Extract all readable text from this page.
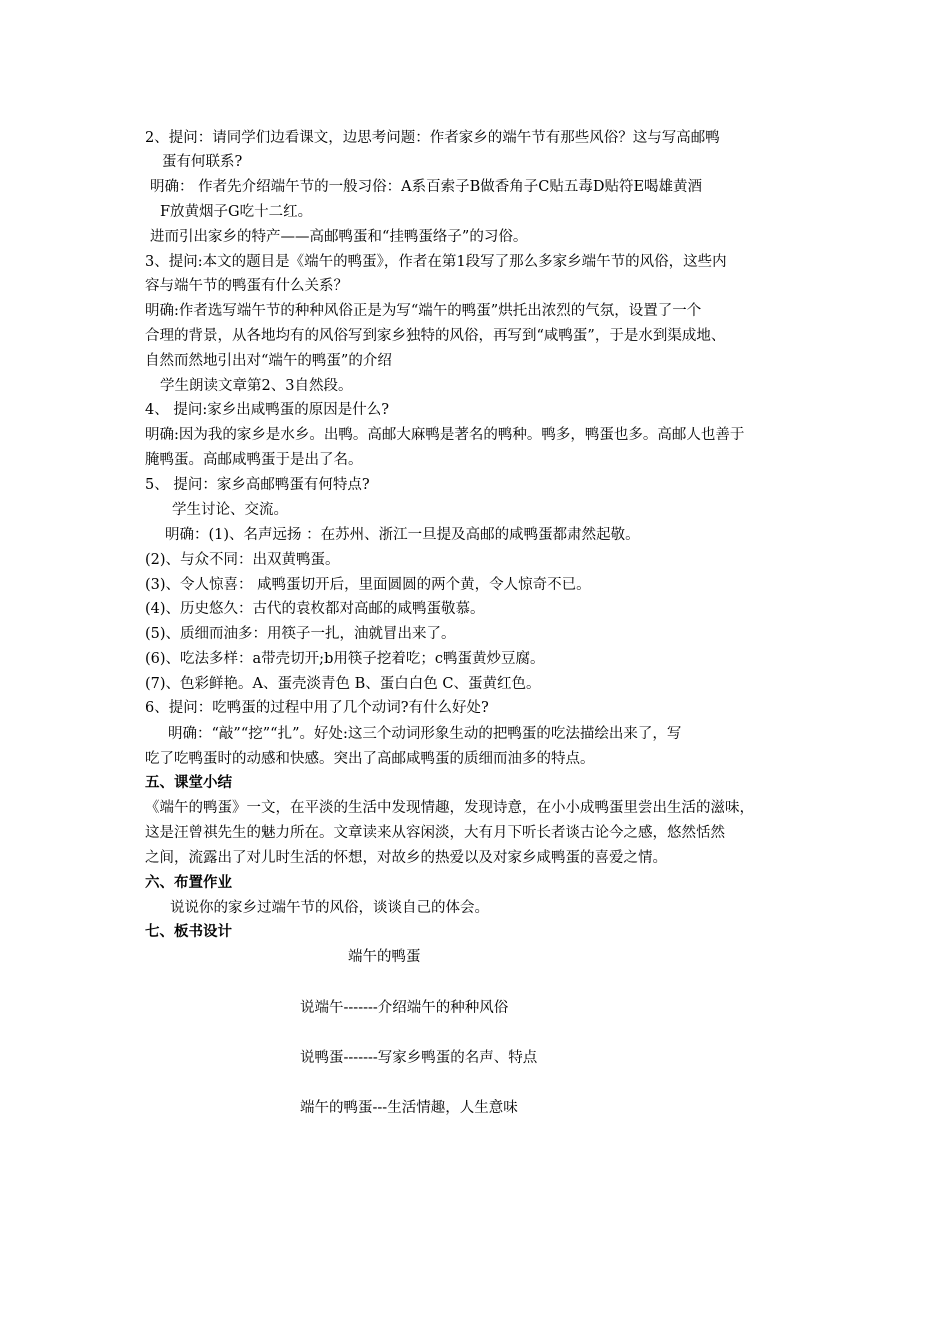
2、提问：请同学们边看课文，边思考问题：作者家乡的端午节有那些风俗？这与写高邮鸭
蛋有何联系?
明确： 作者先介绍端午节的一般习俗：A系百索子B做香角子C贴五毒D贴符E喝雄黄酒
F放黄烟子G吃十二红。
进而引出家乡的特产——高邮鸭蛋和“挂鸭蛋络子”的习俗。
3、提问:本文的题目是《端午的鸭蛋》，作者在第1段写了那么多家乡端午节的风俗，这些内
容与端午节的鸭蛋有什么关系？
明确:作者选写端午节的种种风俗正是为写“端午的鸭蛋”烘托出浓烈的气氛，设置了一个
合理的背景，从各地均有的风俗写到家乡独特的风俗，再写到“咸鸭蛋”，于是水到渠成地、
自然而然地引出对“端午的鸭蛋”的介绍
学生朗读文章第2、3自然段。
4、 提问:家乡出咸鸭蛋的原因是什么?
明确:因为我的家乡是水乡。出鸭。高邮大麻鸭是著名的鸭种。鸭多，鸭蛋也多。高邮人也善于
腌鸭蛋。高邮咸鸭蛋于是出了名。
5、 提问：家乡高邮鸭蛋有何特点?
学生讨论、交流。
明确：(1)、名声远扬 ：在苏州、浙江一旦提及高邮的咸鸭蛋都肃然起敬。
(2)、与众不同：出双黄鸭蛋。
(3)、令人惊喜： 咸鸭蛋切开后，里面圆圆的两个黄，令人惊奇不已。
(4)、历史悠久：古代的袁枚都对高邮的咸鸭蛋敬慕。
(5)、质细而油多：用筷子一扎，油就冒出来了。
(6)、吃法多样：a带壳切开;b用筷子挖着吃；c鸭蛋黄炒豆腐。
(7)、色彩鲜艳。A、蛋壳淡青色 B、蛋白白色 C、蛋黄红色。
6、提问：吃鸭蛋的过程中用了几个动词?有什么好处?
明确：“敲”“挖”“扎”。好处:这三个动词形象生动的把鸭蛋的吃法描绘出来了，写
吃了吃鸭蛋时的动感和快感。突出了高邮咸鸭蛋的质细而油多的特点。
五、课堂小结
《端午的鸭蛋》一文，在平淡的生活中发现情趣，发现诗意，在小小成鸭蛋里尝出生活的滋味，
这是汪曾祺先生的魅力所在。文章读来从容闲淡，大有月下听长者谈古论今之感，悠然恬然
之间，流露出了对儿时生活的怀想，对故乡的热爱以及对家乡咸鸭蛋的喜爱之情。
六、布置作业
说说你的家乡过端午节的风俗，谈谈自己的体会。
七、板书设计
端午的鸭蛋
说端午-------介绍端午的种种风俗
说鸭蛋-------写家乡鸭蛋的名声、特点
端午的鸭蛋---生活情趣，人生意味
